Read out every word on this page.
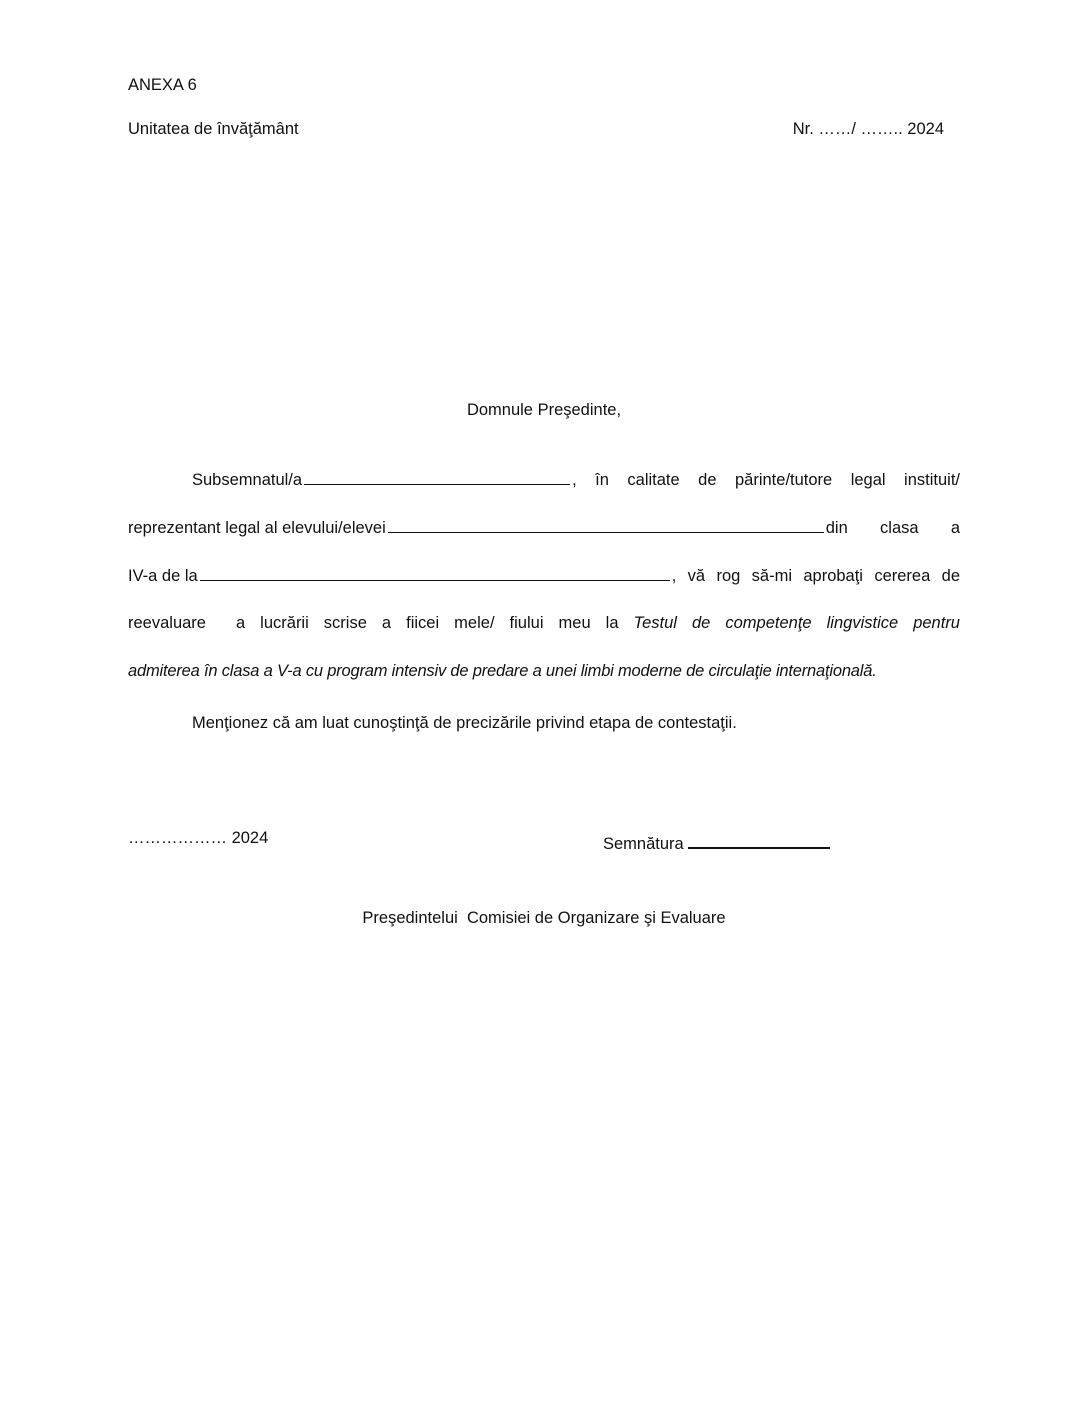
ANEXA 6
Unitatea de învăţământ	Nr. ……/ …….. 2024
Domnule Preşedinte,
Subsemnatul/a	, în calitate de părinte/tutore legal instituit/
reprezentant legal al elevului/elevei	din clasa a
IV-a de la	, vă rog să-mi aprobaţi cererea de
reevaluare a lucrării scrise a fiicei mele/ fiului meu la Testul de competenţe lingvistice pentru
admiterea în clasa a V-a cu program intensiv de predare a unei limbi moderne de circulaţie internaţională.
Menţionez că am luat cunoştinţă de precizările privind etapa de contestaţii.
……………… 2024	Semnătura
Preşedintelui  Comisiei de Organizare şi Evaluare
